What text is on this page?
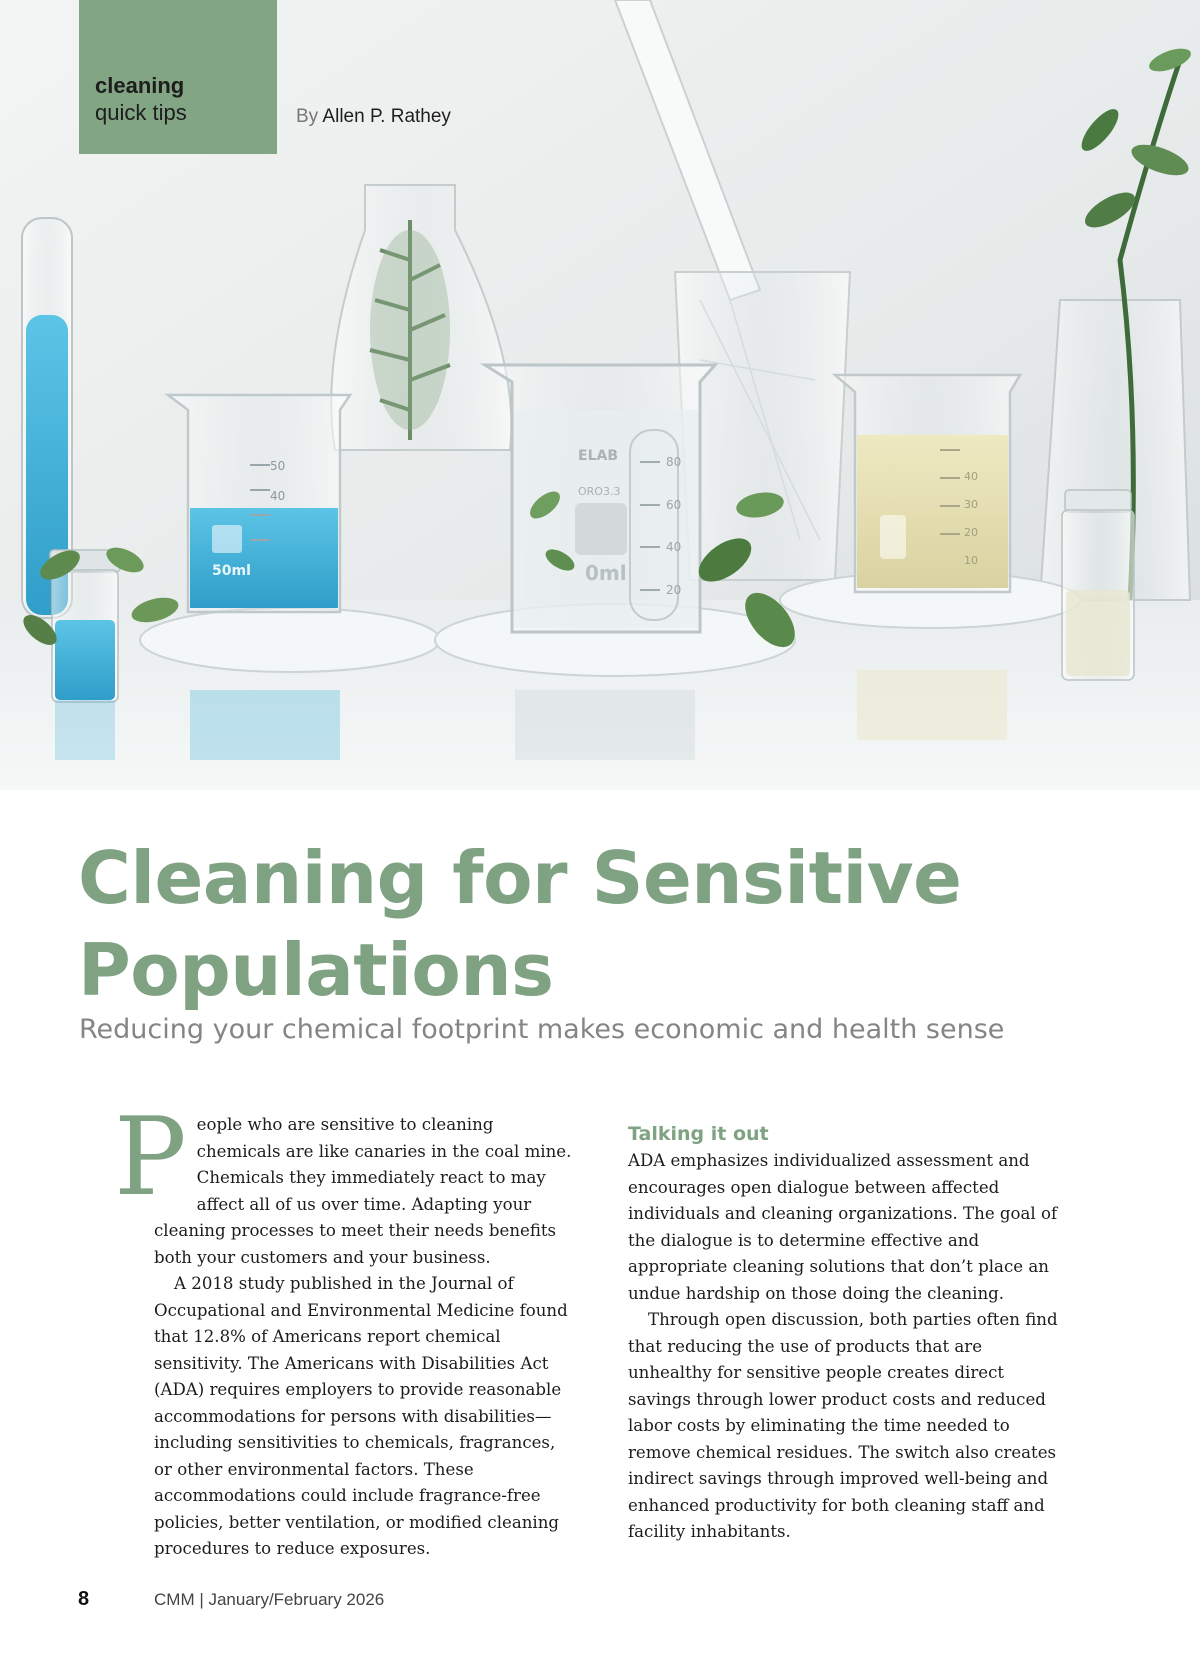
50
40
50ml
ELAB
ORO3.3
0ml
80
60
40
20
40
30
20
10
cleaning
quick tips	By Allen P. Rathey
Cleaning for Sensitive Populations
Reducing your chemical footprint makes economic and health sense
P eople who are sensitive to cleaning chemicals are like canaries in the coal mine. Chemicals they immediately react to may affect all of us over time. Adapting your cleaning processes to meet their needs benefits both your customers and your business.

A 2018 study published in the Journal of Occupational and Environmental Medicine found that 12.8% of Americans report chemical sensitivity. The Americans with Disabilities Act (ADA) requires employers to provide reasonable accommodations for persons with disabilities—including sensitivities to chemicals, fragrances, or other environmental factors. These accommodations could include fragrance-free policies, better ventilation, or modified cleaning procedures to reduce exposures.

Talking it out

ADA emphasizes individualized assessment and encourages open dialogue between affected individuals and cleaning organizations. The goal of the dialogue is to determine effective and appropriate cleaning solutions that don’t place an undue hardship on those doing the cleaning.

Through open discussion, both parties often find that reducing the use of products that are unhealthy for sensitive people creates direct savings through lower product costs and reduced labor costs by eliminating the time needed to remove chemical residues. The switch also creates indirect savings through improved well-being and enhanced productivity for both cleaning staff and facility inhabitants.

8	CMM | January/February 2026
